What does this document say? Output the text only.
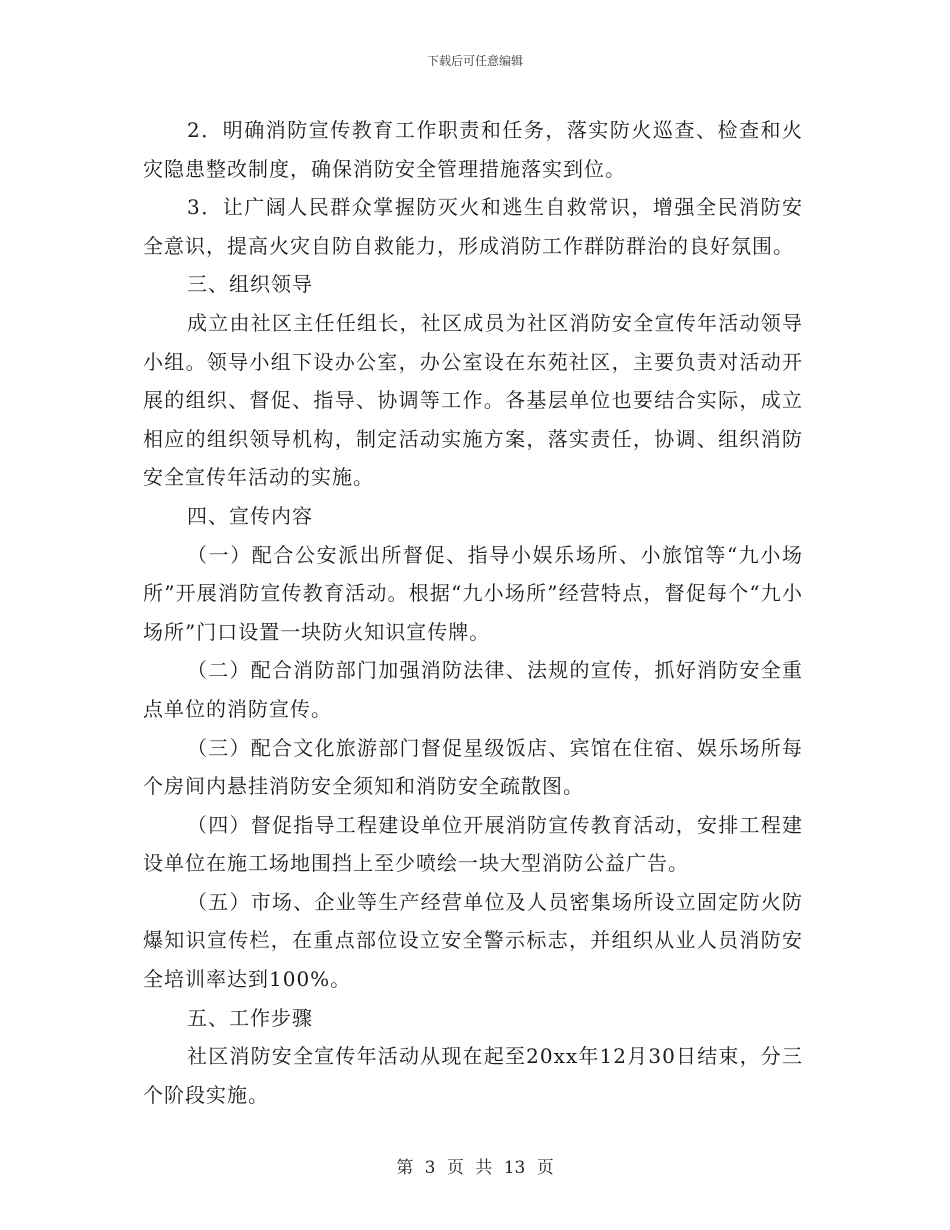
下载后可任意编辑

2．明确消防宣传教育工作职责和任务，落实防火巡查、检查和火灾隐患整改制度，确保消防安全管理措施落实到位。

3．让广阔人民群众掌握防灭火和逃生自救常识，增强全民消防安全意识，提高火灾自防自救能力，形成消防工作群防群治的良好氛围。

三、组织领导

成立由社区主任任组长，社区成员为社区消防安全宣传年活动领导小组。领导小组下设办公室，办公室设在东苑社区，主要负责对活动开展的组织、督促、指导、协调等工作。各基层单位也要结合实际，成立相应的组织领导机构，制定活动实施方案，落实责任，协调、组织消防安全宣传年活动的实施。

四、宣传内容

（一）配合公安派出所督促、指导小娱乐场所、小旅馆等“九小场所”开展消防宣传教育活动。根据“九小场所”经营特点，督促每个“九小场所”门口设置一块防火知识宣传牌。

（二）配合消防部门加强消防法律、法规的宣传，抓好消防安全重点单位的消防宣传。

（三）配合文化旅游部门督促星级饭店、宾馆在住宿、娱乐场所每个房间内悬挂消防安全须知和消防安全疏散图。

（四）督促指导工程建设单位开展消防宣传教育活动，安排工程建设单位在施工场地围挡上至少喷绘一块大型消防公益广告。

（五）市场、企业等生产经营单位及人员密集场所设立固定防火防爆知识宣传栏，在重点部位设立安全警示标志，并组织从业人员消防安全培训率达到100%。

五、工作步骤

社区消防安全宣传年活动从现在起至20xx年12月30日结束，分三个阶段实施。

第 3 页 共 13 页
